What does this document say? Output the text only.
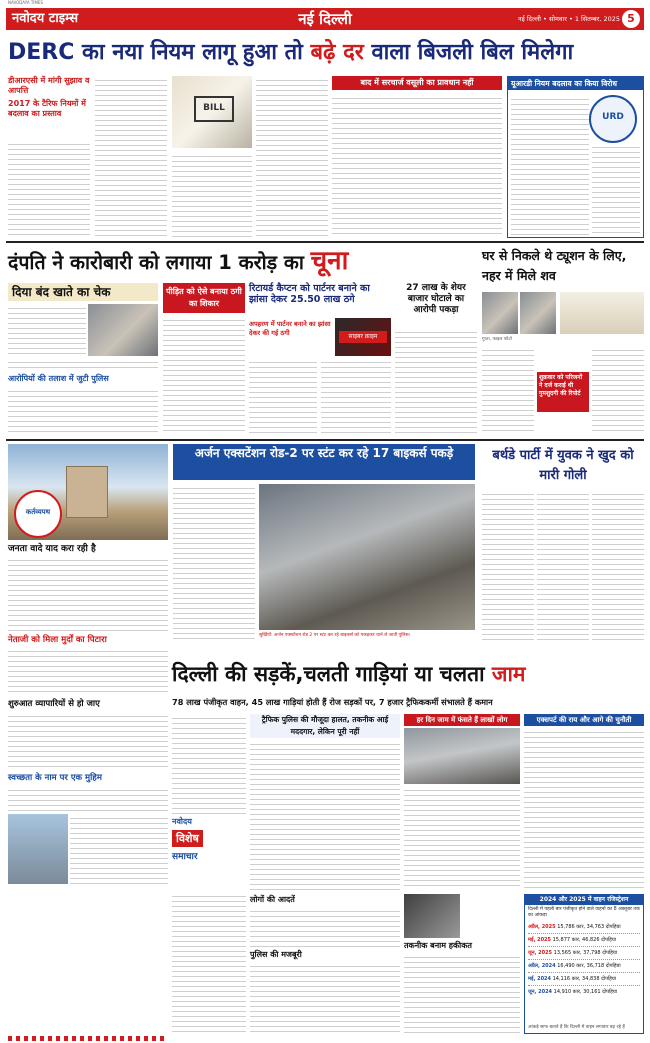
NAVODAYA TIMES
नवोदय टाइम्स	नई दिल्ली	नई दिल्ली • सोमवार • 1 सितम्बर, 2025 5
DERC का नया नियम लागू हुआ तो बढ़े दर वाला बिजली बिल मिलेगा
डीआरएसी में मांगी सुझाव व आपत्ति
2017 के टैरिफ नियमों में बदलाव का प्रस्ताव
BILL
बाद में सरचार्ज वसूली का प्रावधान नहीं	यूआरडी नियम बदलाव का किया विरोध
URD
दंपति ने कारोबारी को लगाया 1 करोड़ का चूना
दिया बंद खाते का चेक
आरोपियों की तलाश में जुटी पुलिस
पीड़ित को ऐसे बनाया ठगी का शिकार
रिटायर्ड कैप्टन को पार्टनर बनाने का झांसा देकर 25.50 लाख ठगे
अपहरण में पार्टनर बनाने का झांसा देकर की गई ठगी	साइबर क्राइम
27 लाख के शेयर बाजार घोटाले का आरोपी पकड़ा
घर से निकले थे ट्यूशन के लिए, नहर में मिले शव
गुप्ता, फाइल फोटो
शुक्रवार को परिजनों ने दर्ज कराई थी गुमशुदगी की रिपोर्ट
कर्तव्यपथ
जनता वादे याद करा रही है
नेताजी को मिला मुर्दों का पिटारा
अर्जन एक्सटेंशन रोड-2 पर स्टंट कर रहे 17 बाइकर्स पकड़े
सुर्खियों: अर्जन एक्सटेंशन रोड 2 पर स्टंट कर रहे बाइकर्स को पकड़कर थाने ले जाती पुलिस।
बर्थडे पार्टी में युवक ने खुद को मारी गोली
दिल्ली की सड़कें,चलती गाड़ियां या चलता जाम
78 लाख पंजीकृत वाहन, 45 लाख गाड़ियां होती हैं रोज सड़कों पर, 7 हजार ट्रैफिककर्मी संभालते हैं कमान
शुरुआत व्यापारियों से हो जाए
स्वच्छता के नाम पर एक मुहिम
नवोदय
विशेष
समाचार
ट्रैफिक पुलिस की मौजूदा हालत, तकनीक आई मददगार, लेकिन पूरी नहीं
हर दिन जाम में फंसते हैं लाखों लोग	एक्सपर्ट की राय और आगे की चुनौती
लोगों की आदतें
पुलिस की मजबूरी
तकनीक बनाम हकीकत
2024 और 2025 में वाहन रजिस्ट्रेशन
दिल्ली में पहली बार पंजीकृत होने वाले वाहनों का 8 अक्तूबर तक का आंकड़ा
अप्रैल, 2025 15,786 कार, 34,763 दोपहिया
मई, 2025 15,877 कार, 46,826 दोपहिया
जून, 2025 13,565 कार, 37,798 दोपहिया
अप्रैल, 2024 16,490 कार, 36,718 दोपहिया
मई, 2024 14,116 कार, 34,838 दोपहिया
जून, 2024 14,910 कार, 30,161 दोपहिया
आंकड़े साफ बताते हैं कि दिल्ली में वाहन लगातार बढ़ रहे हैं
